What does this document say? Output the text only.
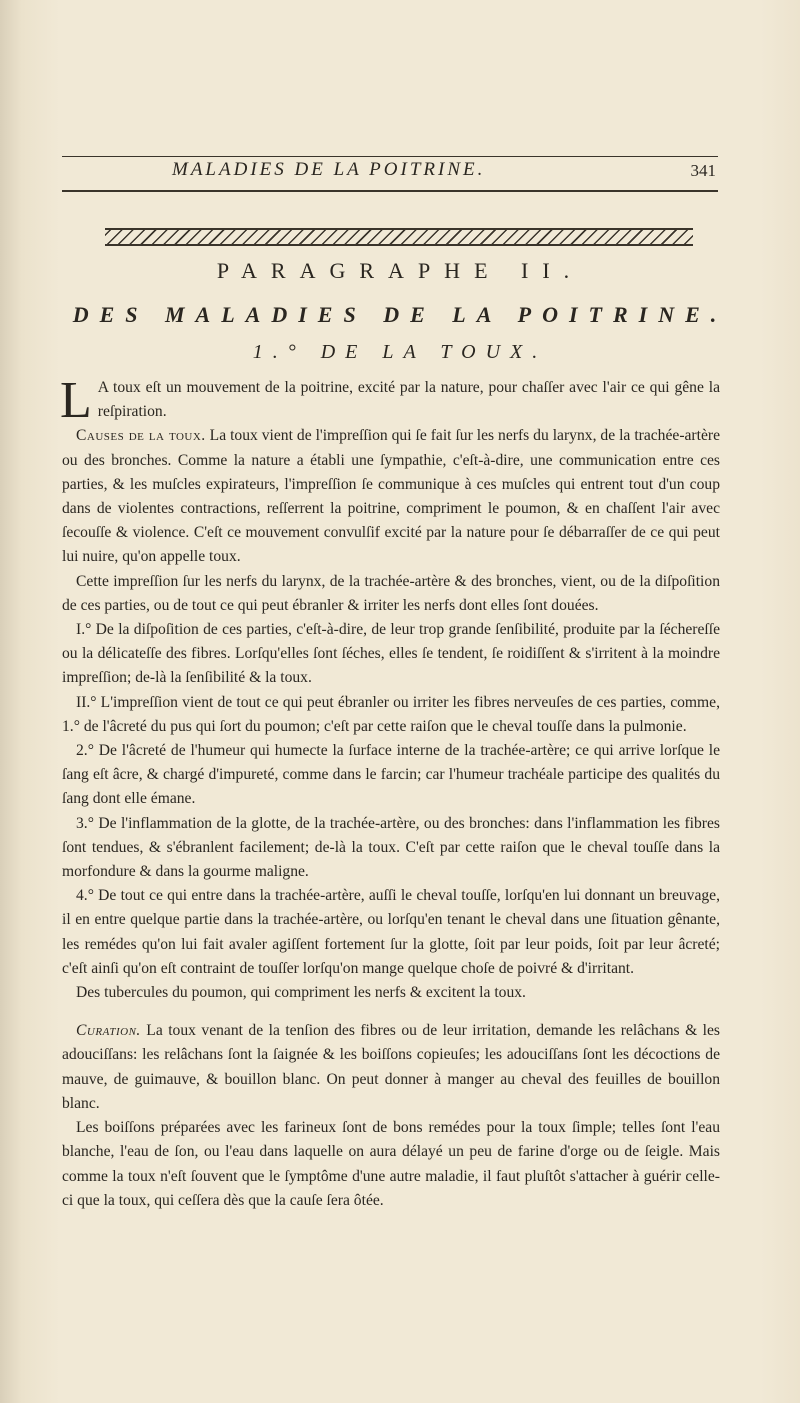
MALADIES DE LA POITRINE.	341
PARAGRAPHE II.
DES MALADIES DE LA POITRINE.
1.° DE LA TOUX.

L A toux eſt un mouvement de la poitrine, excité par la nature, pour chaſſer avec l'air ce qui gêne la reſpiration.

Causes de la toux. La toux vient de l'impreſſion qui ſe fait ſur les nerfs du larynx, de la trachée-artère ou des bronches. Comme la nature a établi une ſympathie, c'eſt-à-dire, une communication entre ces parties, & les muſcles expirateurs, l'impreſſion ſe communique à ces muſcles qui entrent tout d'un coup dans de violentes contractions, reſſerrent la poitrine, compriment le poumon, & en chaſſent l'air avec ſecouſſe & violence. C'eſt ce mouvement convulſif excité par la nature pour ſe débarraſſer de ce qui peut lui nuire, qu'on appelle toux.

Cette impreſſion ſur les nerfs du larynx, de la trachée-artère & des bronches, vient, ou de la diſpoſition de ces parties, ou de tout ce qui peut ébranler & irriter les nerfs dont elles ſont douées.

I.° De la diſpoſition de ces parties, c'eſt-à-dire, de leur trop grande ſenſibilité, produite par la ſéchereſſe ou la délicateſſe des fibres. Lorſqu'elles ſont ſéches, elles ſe tendent, ſe roidiſſent & s'irritent à la moindre impreſſion; de-là la ſenſibilité & la toux.

II.° L'impreſſion vient de tout ce qui peut ébranler ou irriter les fibres nerveuſes de ces parties, comme, 1.° de l'âcreté du pus qui ſort du poumon; c'eſt par cette raiſon que le cheval touſſe dans la pulmonie.

2.° De l'âcreté de l'humeur qui humecte la ſurface interne de la trachée-artère; ce qui arrive lorſque le ſang eſt âcre, & chargé d'impureté, comme dans le farcin; car l'humeur trachéale participe des qualités du ſang dont elle émane.

3.° De l'inflammation de la glotte, de la trachée-artère, ou des bronches: dans l'inflammation les fibres ſont tendues, & s'ébranlent facilement; de-là la toux. C'eſt par cette raiſon que le cheval touſſe dans la morfondure & dans la gourme maligne.

4.° De tout ce qui entre dans la trachée-artère, auſſi le cheval touſſe, lorſqu'en lui donnant un breuvage, il en entre quelque partie dans la trachée-artère, ou lorſqu'en tenant le cheval dans une ſituation gênante, les remédes qu'on lui fait avaler agiſſent fortement ſur la glotte, ſoit par leur poids, ſoit par leur âcreté; c'eſt ainſi qu'on eſt contraint de touſſer lorſqu'on mange quelque choſe de poivré & d'irritant.

Des tubercules du poumon, qui compriment les nerfs & excitent la toux.

Curation. La toux venant de la tenſion des fibres ou de leur irritation, demande les relâchans & les adouciſſans: les relâchans ſont la ſaignée & les boiſſons copieuſes; les adouciſſans ſont les décoctions de mauve, de guimauve, & bouillon blanc. On peut donner à manger au cheval des feuilles de bouillon blanc.

Les boiſſons préparées avec les farineux ſont de bons remédes pour la toux ſimple; telles ſont l'eau blanche, l'eau de ſon, ou l'eau dans laquelle on aura délayé un peu de farine d'orge ou de ſeigle. Mais comme la toux n'eſt ſouvent que le ſymptôme d'une autre maladie, il faut pluſtôt s'attacher à guérir celle-ci que la toux, qui ceſſera dès que la cauſe ſera ôtée.
